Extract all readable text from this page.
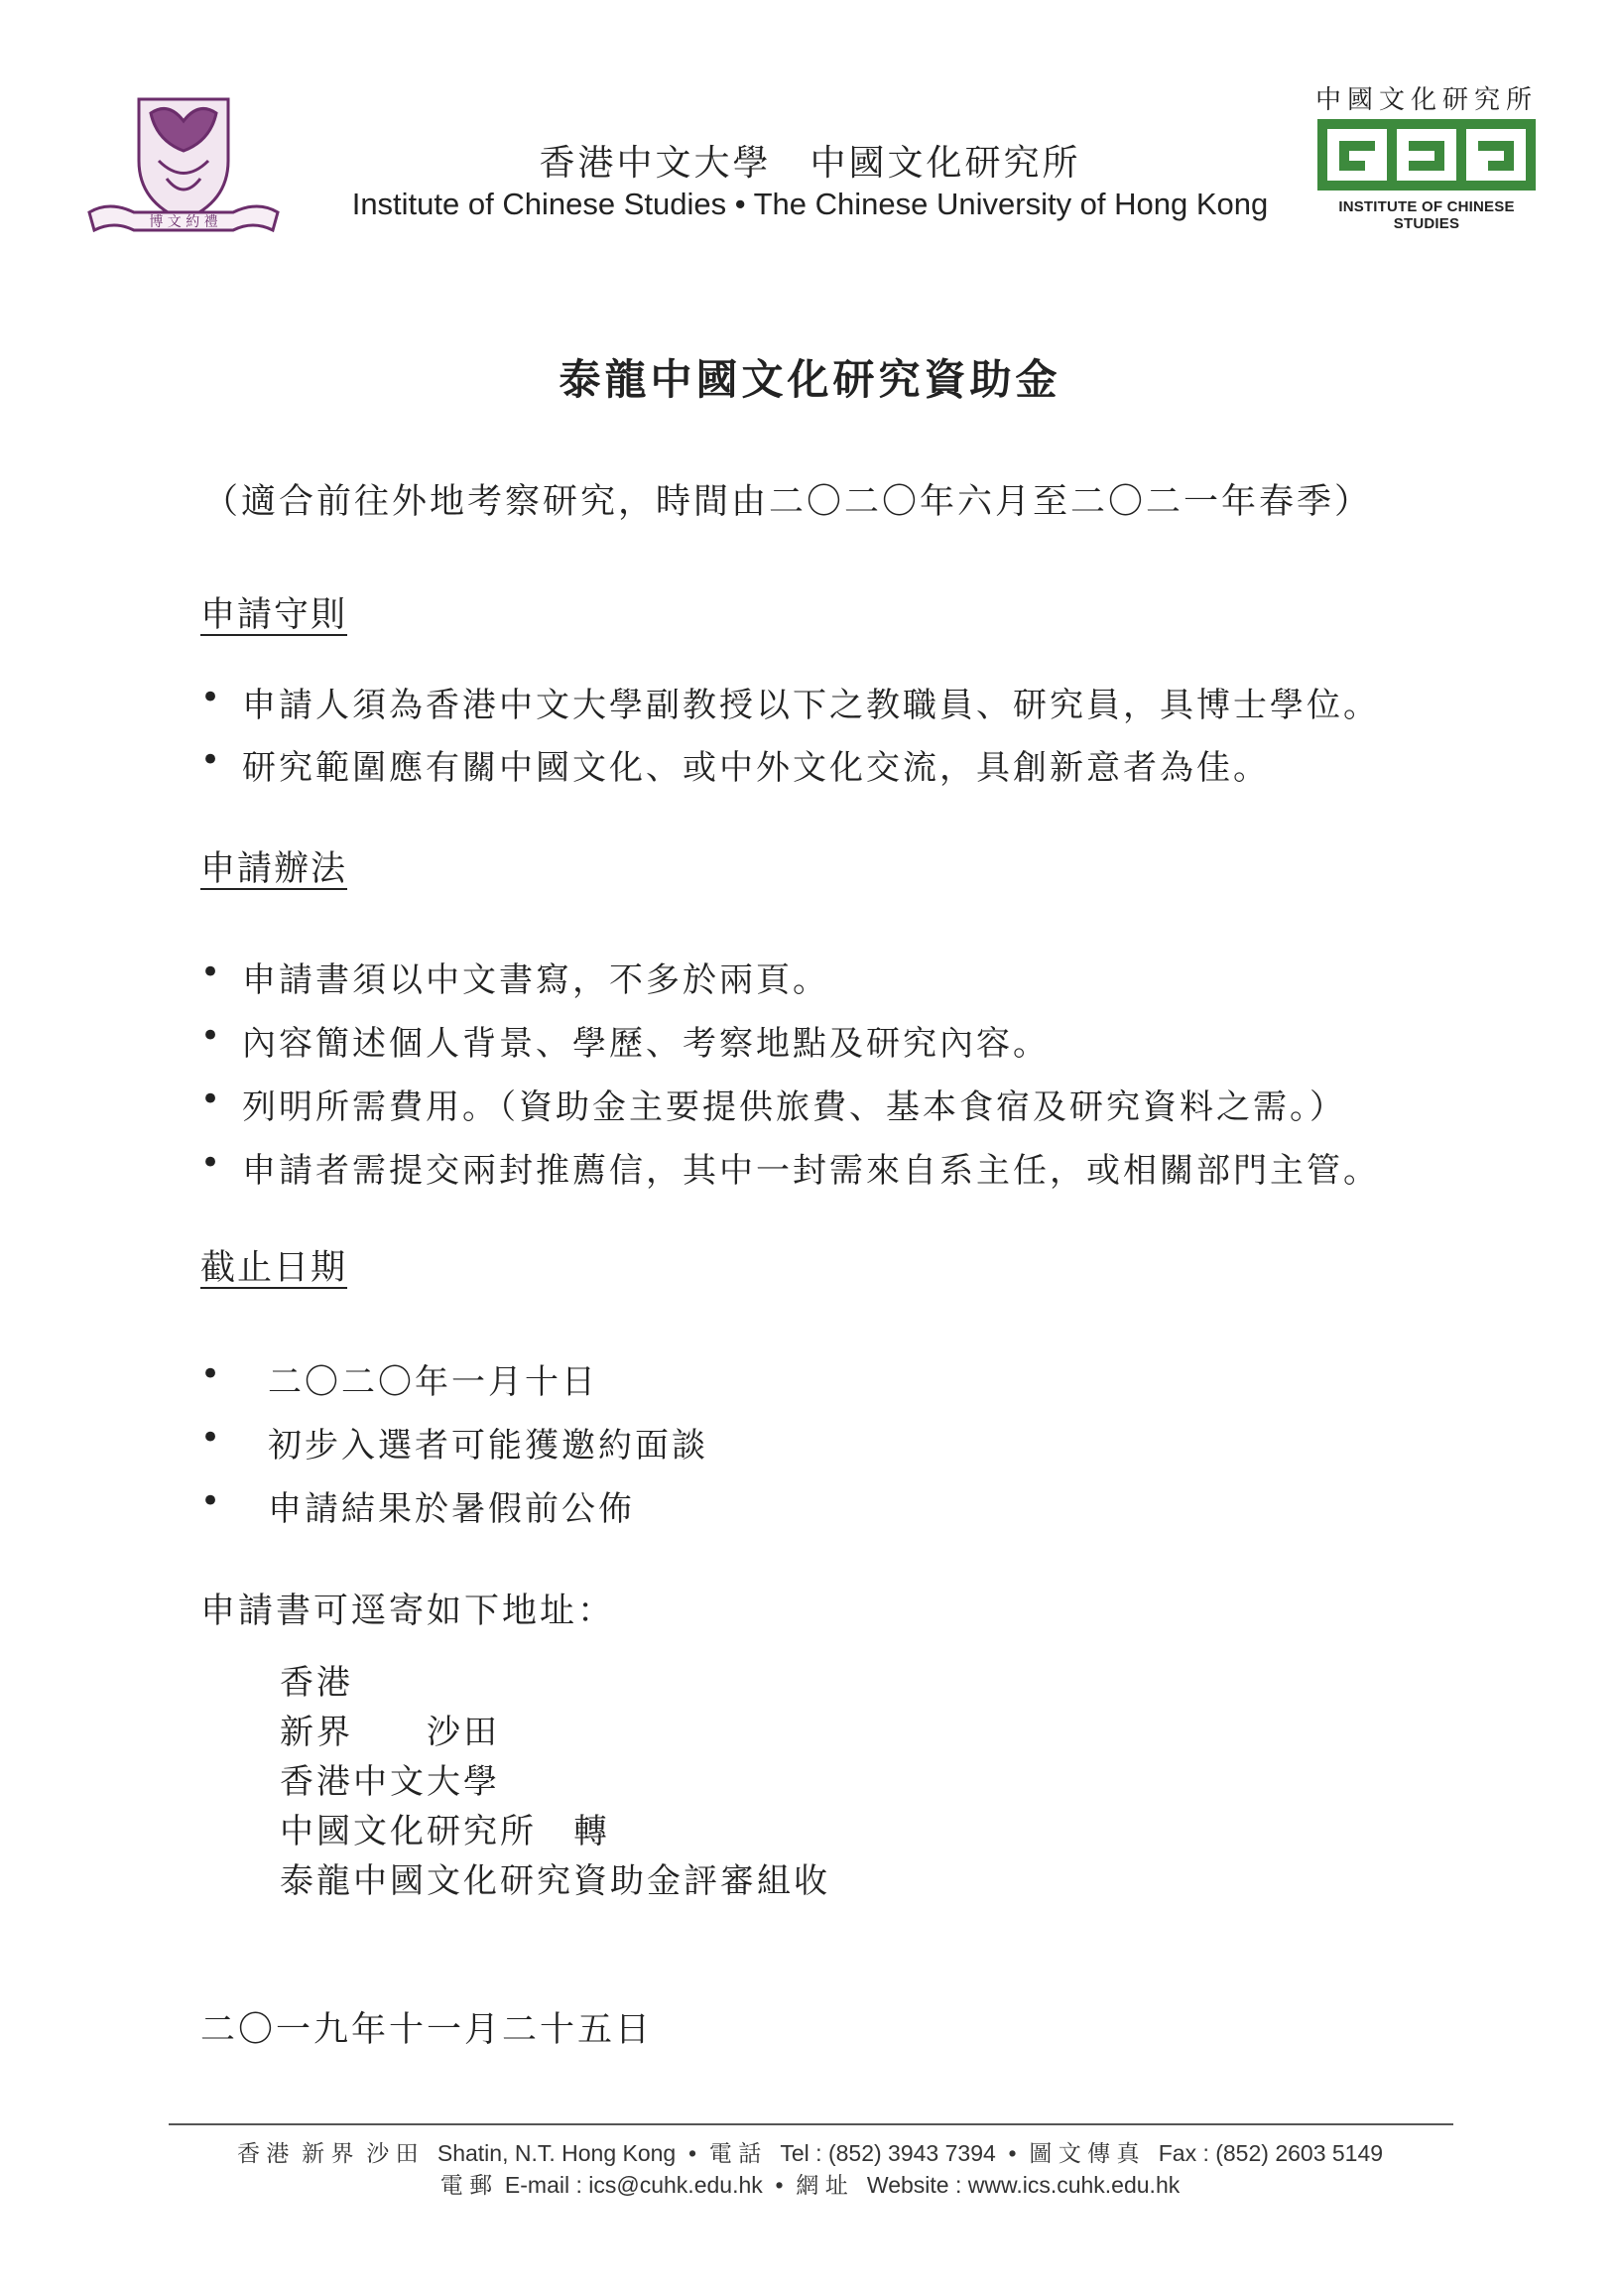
博 文 約 禮
香港中文大學　中國文化研究所
Institute of Chinese Studies • The Chinese University of Hong Kong
中國文化研究所
INSTITUTE OF CHINESE STUDIES
泰龍中國文化研究資助金
（適合前往外地考察研究，時間由二〇二〇年六月至二〇二一年春季）
申請守則
• 申請人須為香港中文大學副教授以下之教職員、研究員，具博士學位。
• 研究範圍應有關中國文化、或中外文化交流，具創新意者為佳。
申請辦法
• 申請書須以中文書寫，不多於兩頁。
• 內容簡述個人背景、學歷、考察地點及研究內容。
• 列明所需費用。（資助金主要提供旅費、基本食宿及研究資料之需。）
• 申請者需提交兩封推薦信，其中一封需來自系主任，或相關部門主管。
截止日期
• 二〇二〇年一月十日
• 初步入選者可能獲邀約面談
• 申請結果於暑假前公佈
申請書可逕寄如下地址：
香港
新界　　沙田
香港中文大學
中國文化研究所　轉
泰龍中國文化研究資助金評審組收
二〇一九年十一月二十五日
香 港  新 界  沙 田   Shatin, N.T. Hong Kong  •  電 話   Tel : (852) 3943 7394  •  圖 文 傳 真   Fax : (852) 2603 5149
電 郵  E-mail : ics@cuhk.edu.hk  •  網 址   Website : www.ics.cuhk.edu.hk
